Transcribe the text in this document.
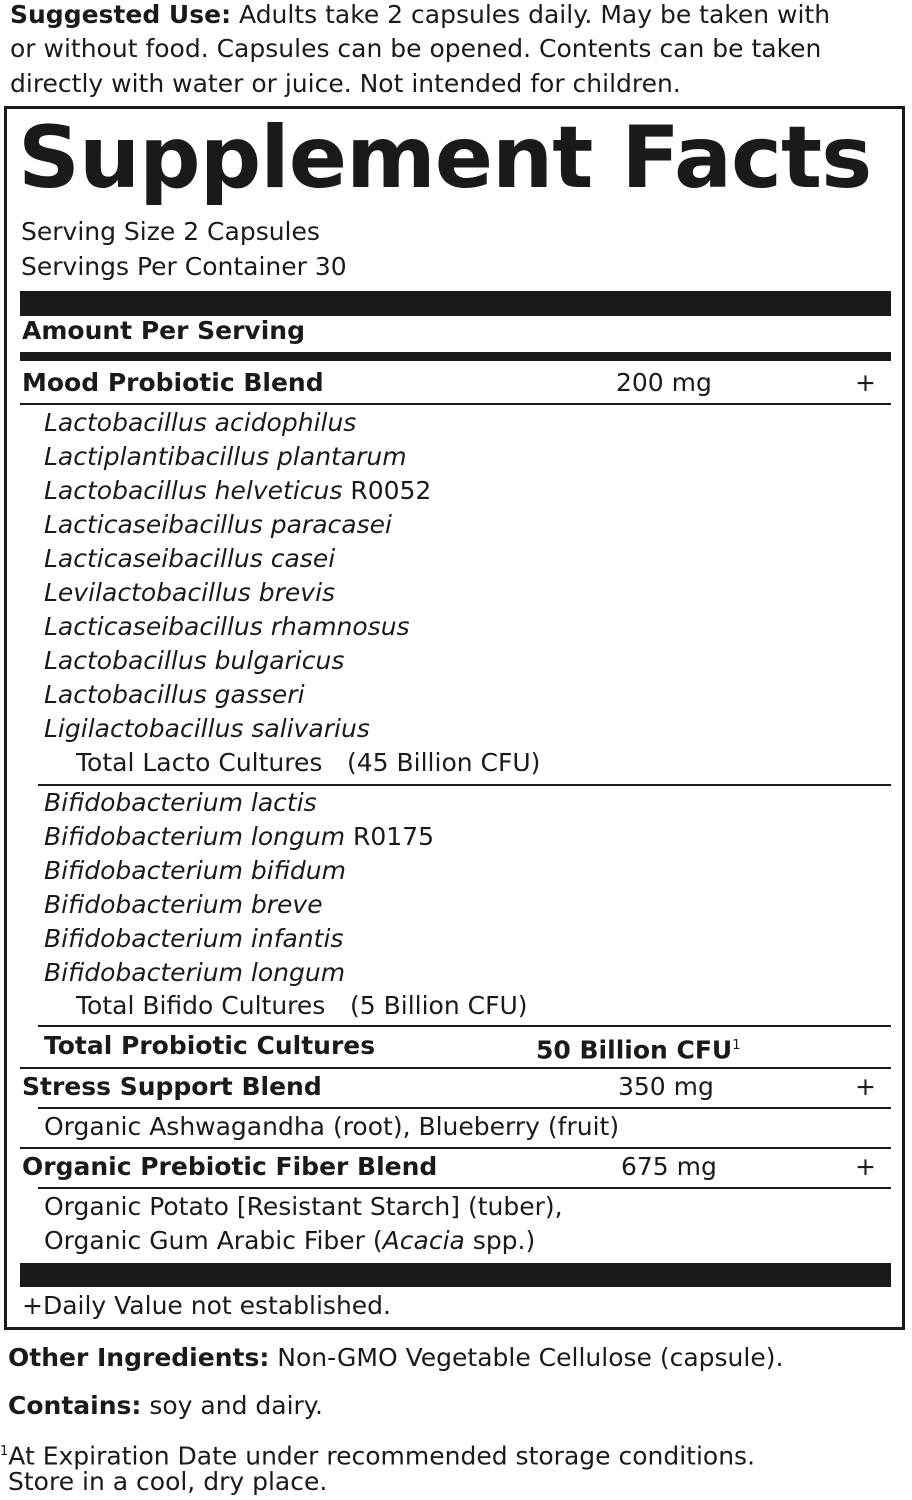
Suggested Use: Adults take 2 capsules daily. May be taken with
or without food. Capsules can be opened. Contents can be taken
directly with water or juice. Not intended for children.
Supplement Facts
Serving Size 2 Capsules
Servings Per Container 30
Amount Per Serving
Mood Probiotic Blend	200 mg	+
Lactobacillus acidophilus
Lactiplantibacillus plantarum
Lactobacillus helveticus R0052
Lacticaseibacillus paracasei
Lacticaseibacillus casei
Levilactobacillus brevis
Lacticaseibacillus rhamnosus
Lactobacillus bulgaricus
Lactobacillus gasseri
Ligilactobacillus salivarius
Total Lacto Cultures (45 Billion CFU)
Bifidobacterium lactis
Bifidobacterium longum R0175
Bifidobacterium bifidum
Bifidobacterium breve
Bifidobacterium infantis
Bifidobacterium longum
Total Bifido Cultures (5 Billion CFU)
Total Probiotic Cultures	50 Billion CFU$^1$
Stress Support Blend	350 mg	+
Organic Ashwagandha (root), Blueberry (fruit)
Organic Prebiotic Fiber Blend	675 mg	+
Organic Potato [Resistant Starch] (tuber),
Organic Gum Arabic Fiber (Acacia spp.)
+Daily Value not established.
Other Ingredients: Non-GMO Vegetable Cellulose (capsule).
Contains: soy and dairy.
$^1$At Expiration Date under recommended storage conditions.
Store in a cool, dry place.
